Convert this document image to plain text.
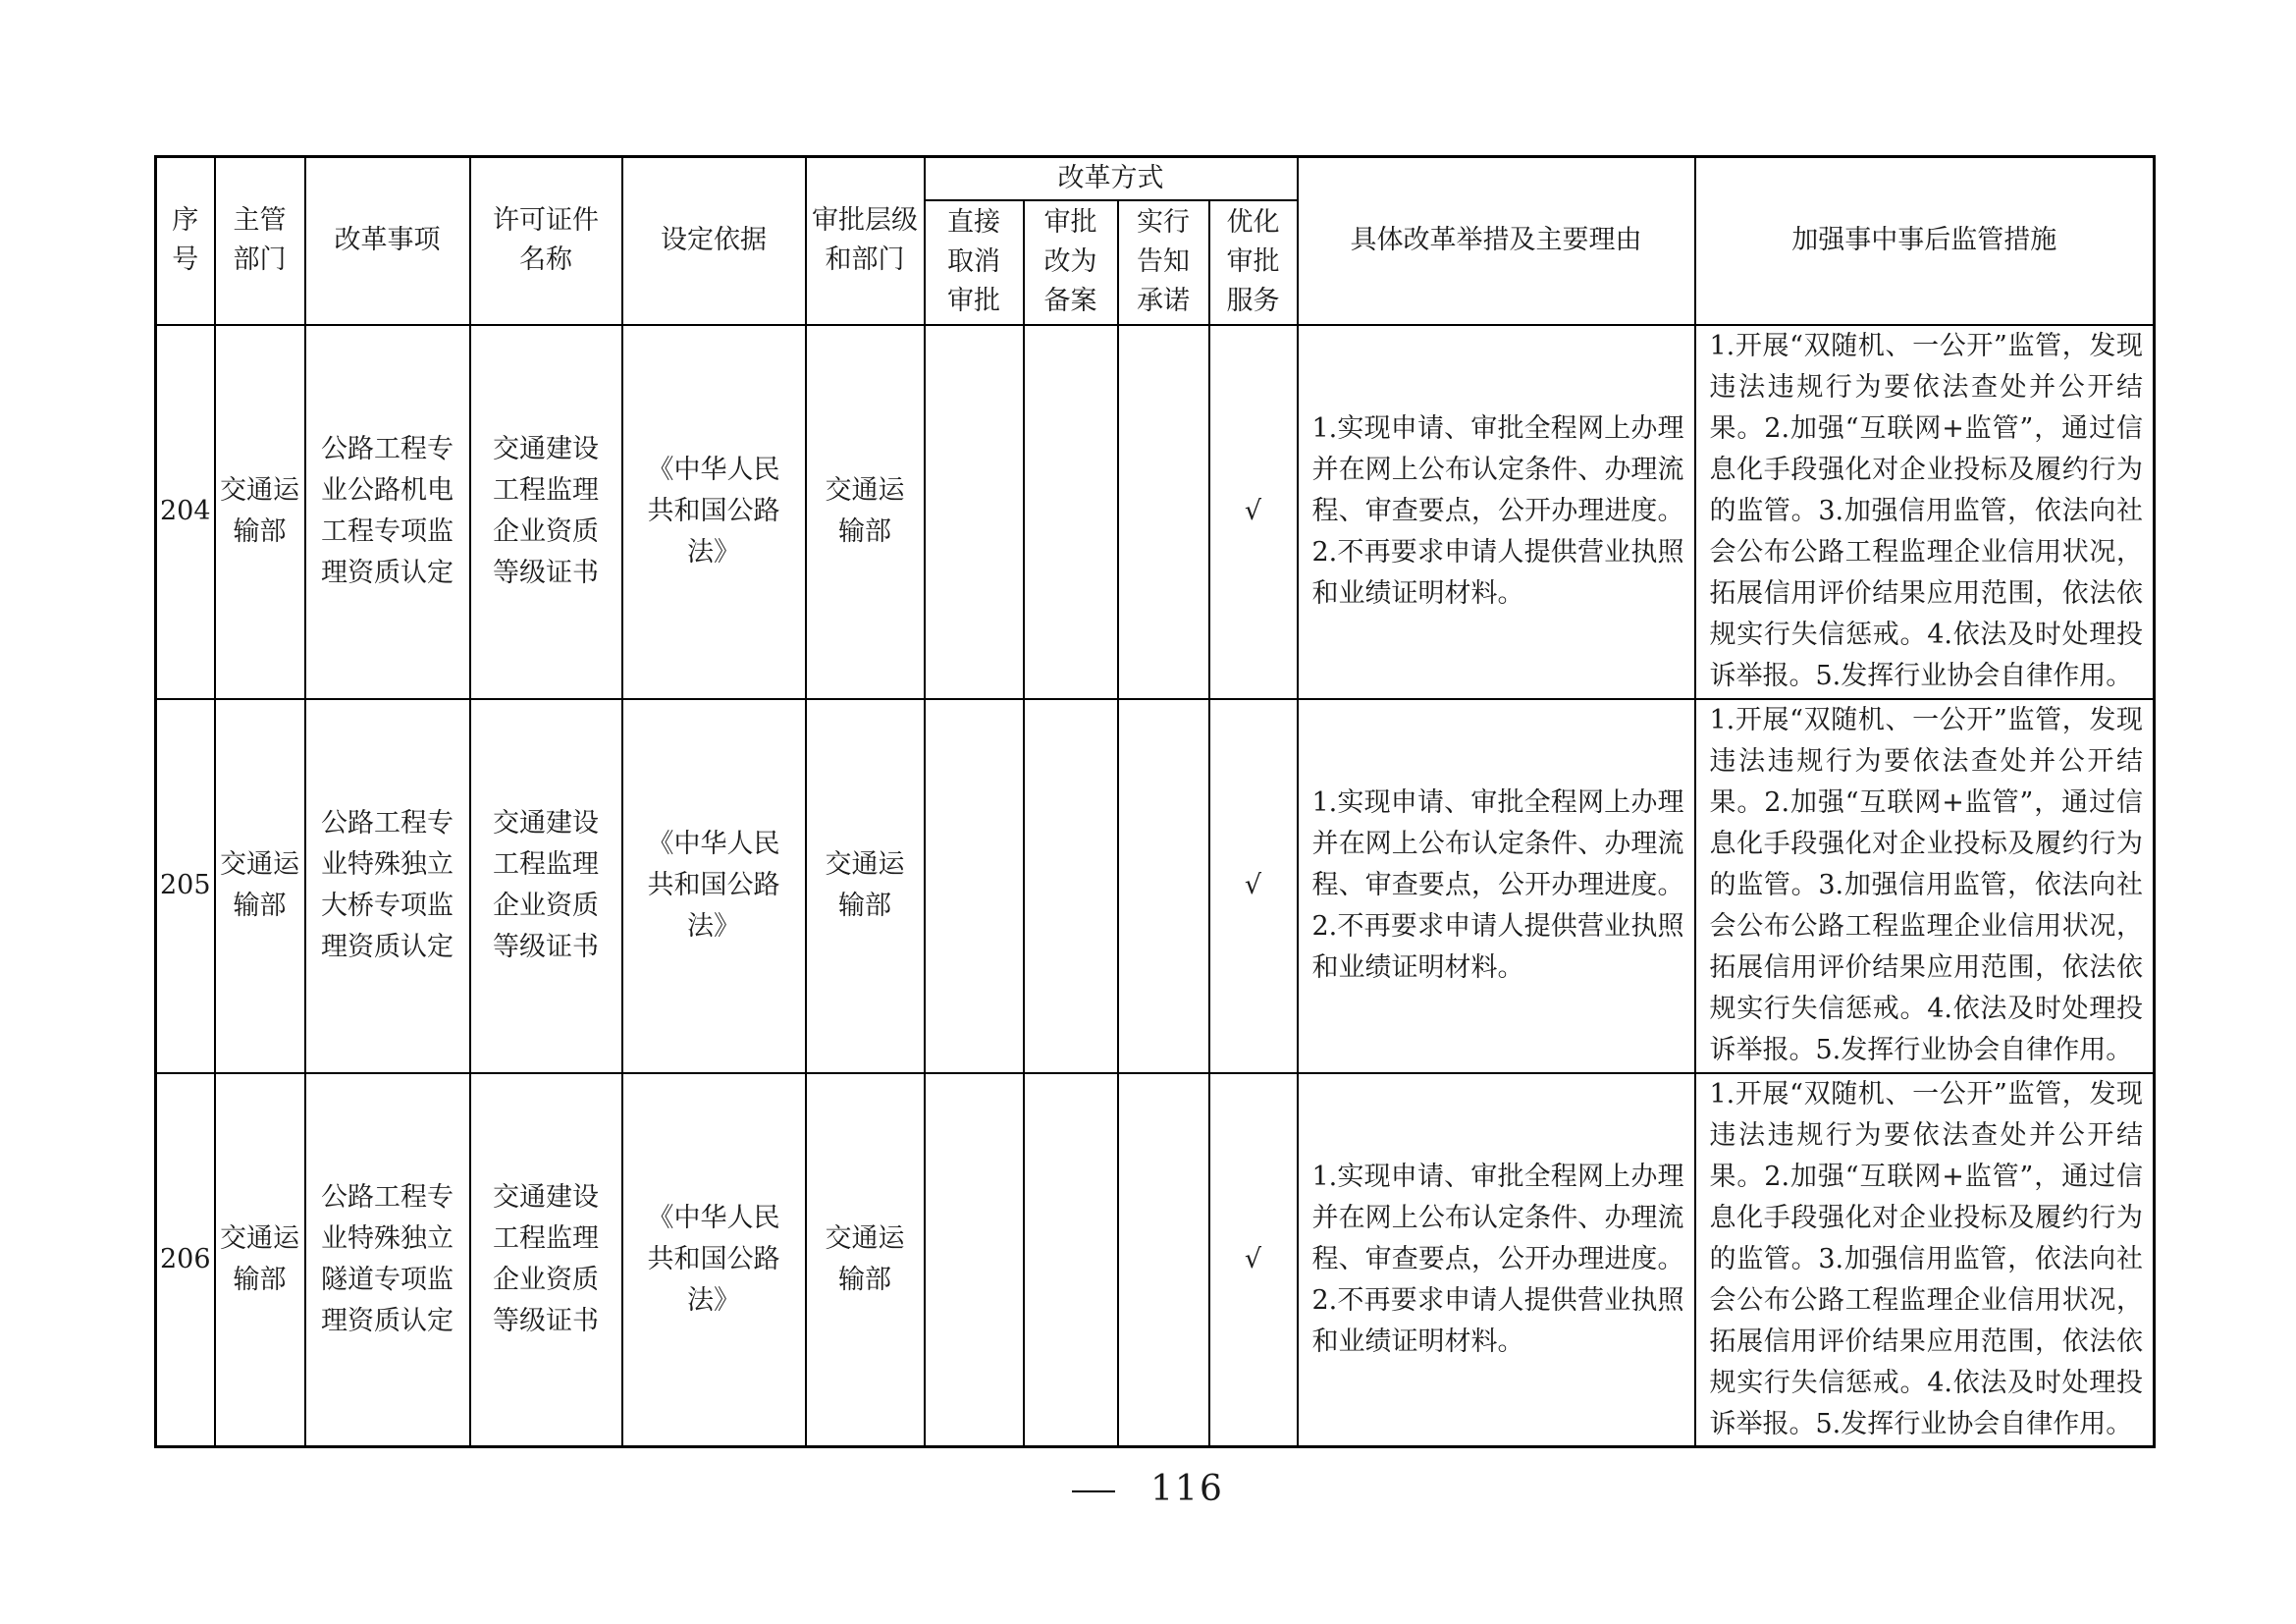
序号	主管部门	改革事项	许可证件名称	设定依据	审批层级和部门	改革方式				具体改革举措及主要理由	加强事中事后监管措施

						直接取消审批	审批改为备案	实行告知承诺	优化审批服务		

204	交通运输部	公路工程专业公路机电工程专项监理资质认定	交通建设工程监理企业资质等级证书	《中华人民共和国公路法》	交通运输部				√	1.实现申请、审批全程网上办理并在网上公布认定条件、办理流程、审查要点，公开办理进度。2.不再要求申请人提供营业执照和业绩证明材料。	1.开展“双随机、一公开”监管，发现违法违规行为要依法查处并公开结果。2.加强“互联网+监管”，通过信息化手段强化对企业投标及履约行为的监管。3.加强信用监管，依法向社会公布公路工程监理企业信用状况，拓展信用评价结果应用范围，依法依规实行失信惩戒。4.依法及时处理投诉举报。5.发挥行业协会自律作用。

205	交通运输部	公路工程专业特殊独立大桥专项监理资质认定	交通建设工程监理企业资质等级证书	《中华人民共和国公路法》	交通运输部				√	1.实现申请、审批全程网上办理并在网上公布认定条件、办理流程、审查要点，公开办理进度。2.不再要求申请人提供营业执照和业绩证明材料。	1.开展“双随机、一公开”监管，发现违法违规行为要依法查处并公开结果。2.加强“互联网+监管”，通过信息化手段强化对企业投标及履约行为的监管。3.加强信用监管，依法向社会公布公路工程监理企业信用状况，拓展信用评价结果应用范围，依法依规实行失信惩戒。4.依法及时处理投诉举报。5.发挥行业协会自律作用。

206	交通运输部	公路工程专业特殊独立隧道专项监理资质认定	交通建设工程监理企业资质等级证书	《中华人民共和国公路法》	交通运输部				√	1.实现申请、审批全程网上办理并在网上公布认定条件、办理流程、审查要点，公开办理进度。2.不再要求申请人提供营业执照和业绩证明材料。	1.开展“双随机、一公开”监管，发现违法违规行为要依法查处并公开结果。2.加强“互联网+监管”，通过信息化手段强化对企业投标及履约行为的监管。3.加强信用监管，依法向社会公布公路工程监理企业信用状况，拓展信用评价结果应用范围，依法依规实行失信惩戒。4.依法及时处理投诉举报。5.发挥行业协会自律作用。
116
